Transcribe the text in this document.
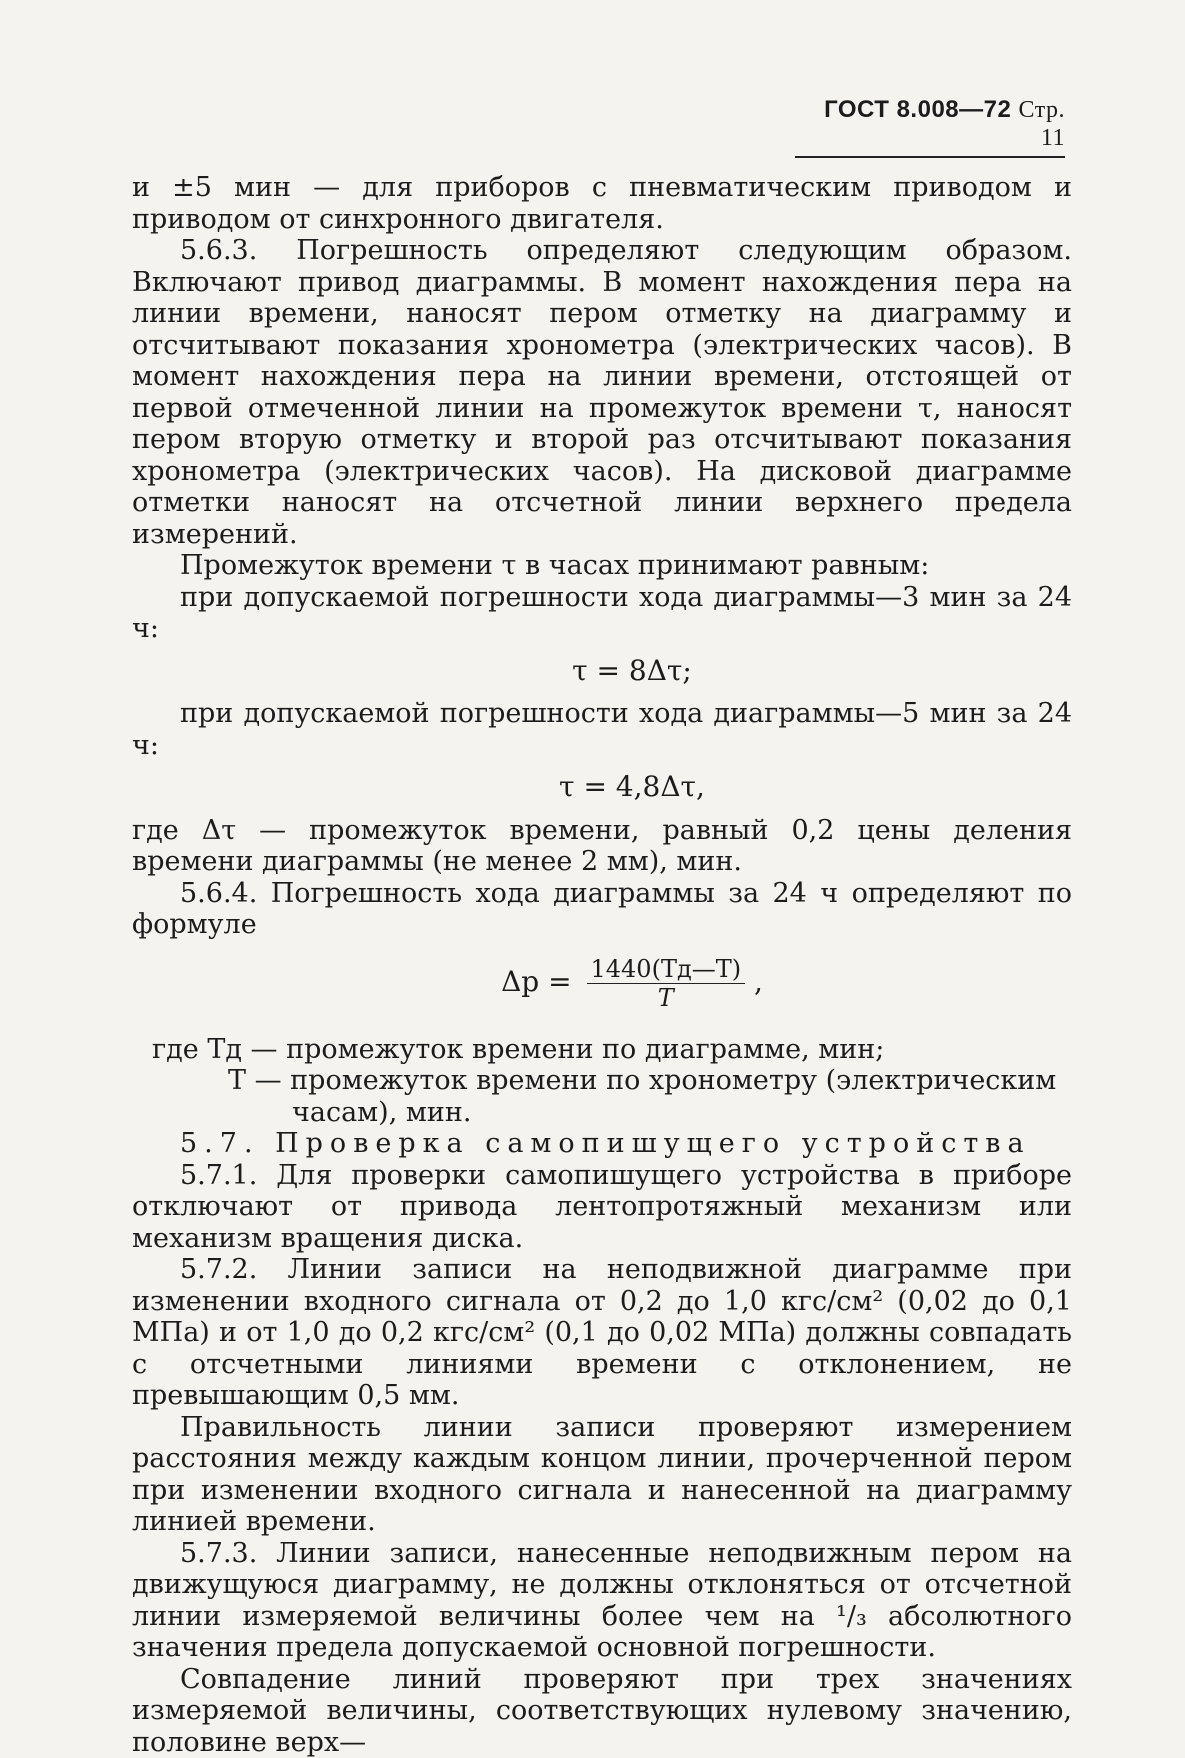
ГОСТ 8.008—72 Стр. 11

и ±5 мин — для приборов с пневматическим приводом и приводом от синхронного двигателя.

5.6.3. Погрешность определяют следующим образом. Включают привод диаграммы. В момент нахождения пера на линии времени, наносят пером отметку на диаграмму и отсчитывают показания хронометра (электрических часов). В момент нахождения пера на линии времени, отстоящей от первой отмеченной линии на промежуток времени τ, наносят пером вторую отметку и второй раз отсчитывают показания хронометра (электрических часов). На дисковой диаграмме отметки наносят на отсчетной линии верхнего предела измерений.

Промежуток времени τ в часах принимают равным:

при допускаемой погрешности хода диаграммы—3 мин за 24 ч:

τ = 8Δτ;

при допускаемой погрешности хода диаграммы—5 мин за 24 ч:

τ = 4,8Δτ,

где Δτ — промежуток времени, равный 0,2 цены деления времени диаграммы (не менее 2 мм), мин.

5.6.4. Погрешность хода диаграммы за 24 ч определяют по формуле

$\Delta р = \frac{1440(Tд—T)}{T}$ ,

где Tд — промежуток времени по диаграмме, мин;

T — промежуток времени по хронометру (электрическим

часам), мин.

5.7. Проверка самопишущего устройства

5.7.1. Для проверки самопишущего устройства в приборе отключают от привода лентопротяжный механизм или механизм вращения диска.

5.7.2. Линии записи на неподвижной диаграмме при изменении входного сигнала от 0,2 до 1,0 кгс/см² (0,02 до 0,1 МПа) и от 1,0 до 0,2 кгс/см² (0,1 до 0,02 МПа) должны совпадать с отсчетными линиями времени с отклонением, не превышающим 0,5 мм.

Правильность линии записи проверяют измерением расстояния между каждым концом линии, прочерченной пером при изменении входного сигнала и нанесенной на диаграмму линией времени.

5.7.3. Линии записи, нанесенные неподвижным пером на движущуюся диаграмму, не должны отклоняться от отсчетной линии измеряемой величины более чем на ¹/₃ абсолютного значения предела допускаемой основной погрешности.

Совпадение линий проверяют при трех значениях измеряемой величины, соответствующих нулевому значению, половине верх—
